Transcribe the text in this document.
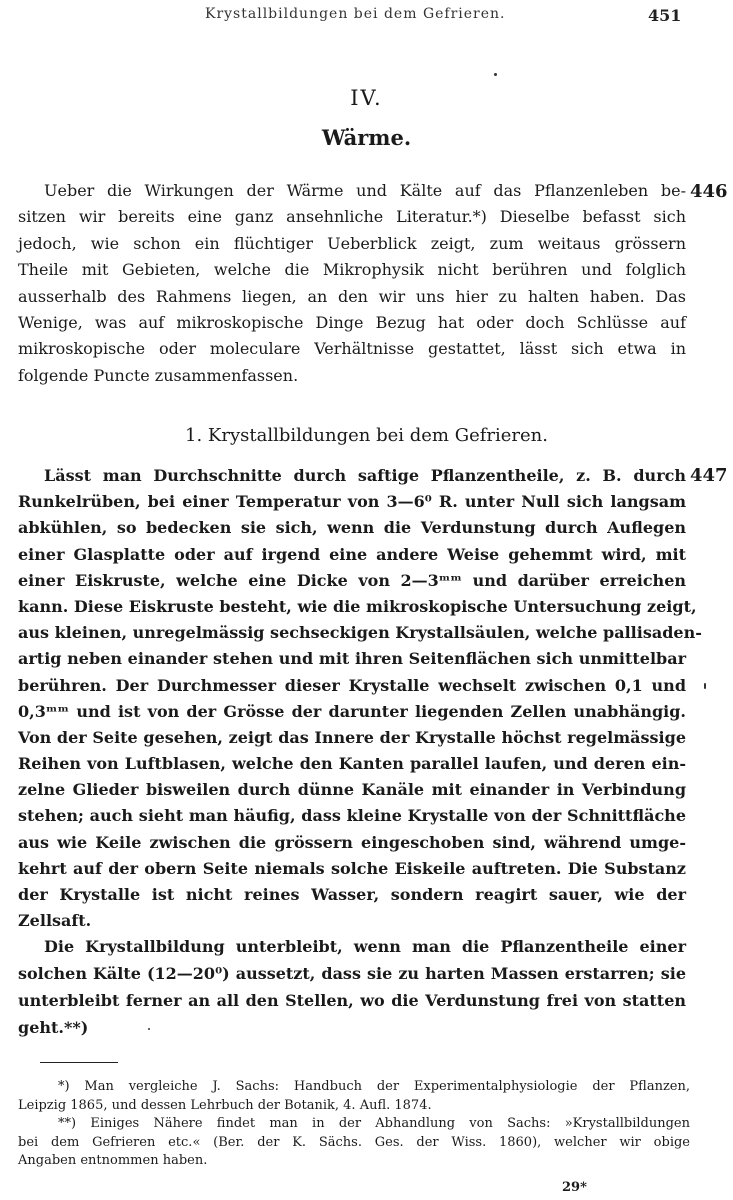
Krystallbildungen bei dem Gefrieren.	451
IV.
Wärme.
446
447
Ueber die Wirkungen der Wärme und Kälte auf das Pflanzenleben be-
sitzen wir bereits eine ganz ansehnliche Literatur.*) Dieselbe befasst sich
jedoch, wie schon ein flüchtiger Ueberblick zeigt, zum weitaus grössern
Theile mit Gebieten, welche die Mikrophysik nicht berühren und folglich
ausserhalb des Rahmens liegen, an den wir uns hier zu halten haben. Das
Wenige, was auf mikroskopische Dinge Bezug hat oder doch Schlüsse auf
mikroskopische oder moleculare Verhältnisse gestattet, lässt sich etwa in
folgende Puncte zusammenfassen.
1. Krystallbildungen bei dem Gefrieren.
Lässt man Durchschnitte durch saftige Pflanzentheile, z. B. durch
Runkelrüben, bei einer Temperatur von 3—6⁰ R. unter Null sich langsam
abkühlen, so bedecken sie sich, wenn die Verdunstung durch Auflegen
einer Glasplatte oder auf irgend eine andere Weise gehemmt wird, mit
einer Eiskruste, welche eine Dicke von 2—3ᵐᵐ und darüber erreichen
kann. Diese Eiskruste besteht, wie die mikroskopische Untersuchung zeigt,
aus kleinen, unregelmässig sechseckigen Krystallsäulen, welche pallisaden-
artig neben einander stehen und mit ihren Seitenflächen sich unmittelbar
berühren. Der Durchmesser dieser Krystalle wechselt zwischen 0,1 und
0,3ᵐᵐ und ist von der Grösse der darunter liegenden Zellen unabhängig.
Von der Seite gesehen, zeigt das Innere der Krystalle höchst regelmässige
Reihen von Luftblasen, welche den Kanten parallel laufen, und deren ein-
zelne Glieder bisweilen durch dünne Kanäle mit einander in Verbindung
stehen; auch sieht man häufig, dass kleine Krystalle von der Schnittfläche
aus wie Keile zwischen die grössern eingeschoben sind, während umge-
kehrt auf der obern Seite niemals solche Eiskeile auftreten. Die Substanz
der Krystalle ist nicht reines Wasser, sondern reagirt sauer, wie der
Zellsaft.
Die Krystallbildung unterbleibt, wenn man die Pflanzentheile einer
solchen Kälte (12—20⁰) aussetzt, dass sie zu harten Massen erstarren; sie
unterbleibt ferner an all den Stellen, wo die Verdunstung frei von statten
geht.**)
*) Man vergleiche J. Sachs: Handbuch der Experimentalphysiologie der Pflanzen,
Leipzig 1865, und dessen Lehrbuch der Botanik, 4. Aufl. 1874.
**) Einiges Nähere findet man in der Abhandlung von Sachs: »Krystallbildungen
bei dem Gefrieren etc.« (Ber. der K. Sächs. Ges. der Wiss. 1860), welcher wir obige
Angaben entnommen haben.
29*
